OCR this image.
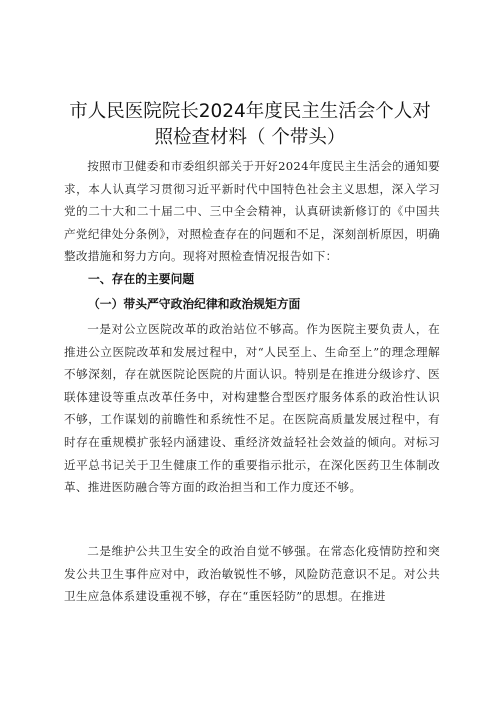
市人民医院院长2024年度民主生活会个人对
照检查材料（ 个带头）
按照市卫健委和市委组织部关于开好2024年度民主生活会的通知要求，本人认真学习贯彻习近平新时代中国特色社会主义思想，深入学习党的二十大和二十届二中、三中全会精神，认真研读新修订的《中国共产党纪律处分条例》，对照检查存在的问题和不足，深刻剖析原因，明确整改措施和努力方向。现将对照检查情况报告如下：
一、存在的主要问题
（一）带头严守政治纪律和政治规矩方面
一是对公立医院改革的政治站位不够高。作为医院主要负责人，在推进公立医院改革和发展过程中，对“人民至上、生命至上”的理念理解不够深刻，存在就医院论医院的片面认识。特别是在推进分级诊疗、医联体建设等重点改革任务中，对构建整合型医疗服务体系的政治性认识不够，工作谋划的前瞻性和系统性不足。在医院高质量发展过程中，有时存在重规模扩张轻内涵建设、重经济效益轻社会效益的倾向。对标习近平总书记关于卫生健康工作的重要指示批示，在深化医药卫生体制改革、推进医防融合等方面的政治担当和工作力度还不够。
二是维护公共卫生安全的政治自觉不够强。在常态化疫情防控和突发公共卫生事件应对中，政治敏锐性不够，风险防范意识不足。对公共卫生应急体系建设重视不够，存在“重医轻防”的思想。在推进
